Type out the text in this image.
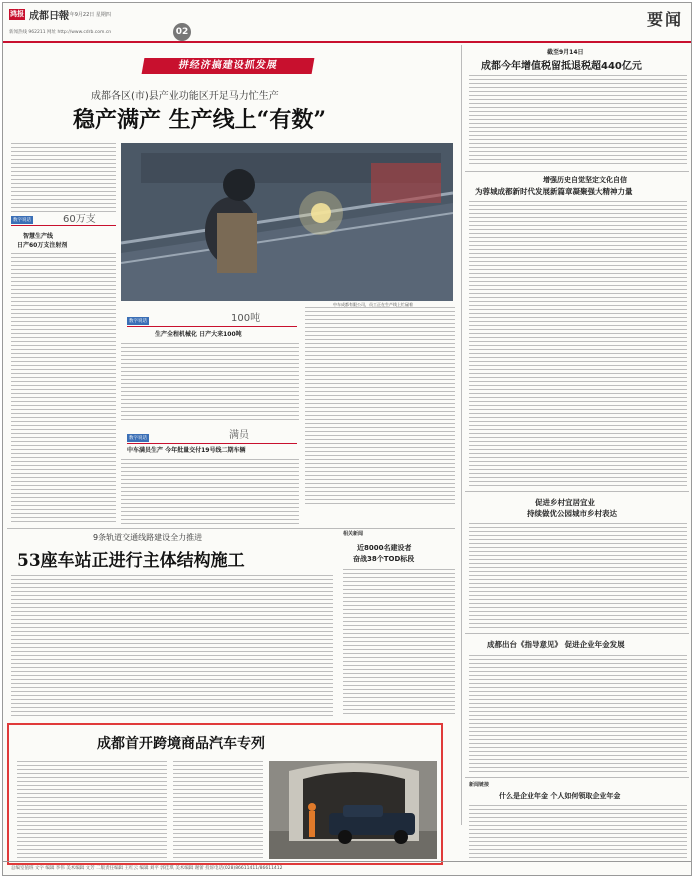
鸿报 成都日報
2022年9月22日 星期四
新闻热线 962211 网址 http://www.cdrb.com.cn	02
要闻
拼经济搞建设抓发展
成都各区(市)县产业功能区开足马力忙生产
稳产满产 生产线上“有数”
中车成都有限公司，员工正在生产线上忙碌着
数字说话	60万支
智慧生产线
日产60万支注射剂
数字说话	100吨
生产全程机械化 日产大来100吨
数字说话	满员
中车满员生产 今年批量交付19号线二期车辆
9条轨道交通线路建设全力推进
53座车站正进行主体结构施工
相关新闻
近8000名建设者
奋战38个TOD标段
成都首开跨境商品汽车专列
截至9月14日
成都今年增值税留抵退税超440亿元
增强历史自觉坚定文化自信
为蓉城成都新时代发展新篇章凝聚强大精神力量
促进乡村宜居宜业
持续做优公园城市乡村表达
成都出台《指导意见》 促进企业年金发展
新闻链接
什么是企业年金 个人如何领取企业年金
总编室值班 文字 编辑 李伟 美术编辑 文芳 二版责任编辑 王红云 编辑 刘平 郭佳琪 美术编辑 谢蕾 投诉电话(028)86611411/86611412
